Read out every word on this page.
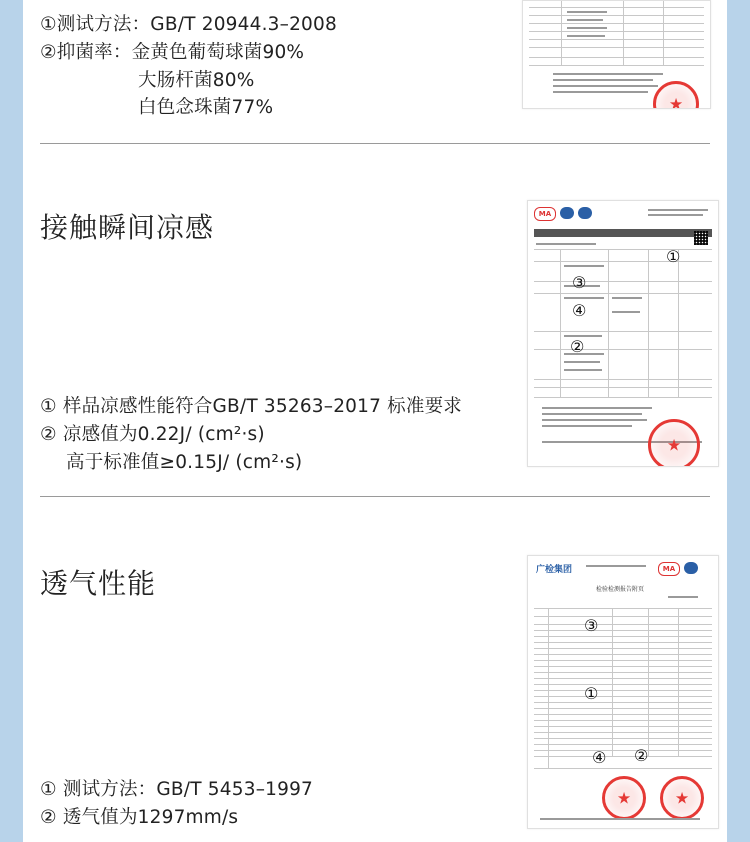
①测试方法：GB/T 20944.3–2008
②抑菌率：金黄色葡萄球菌90%
大肠杆菌80%
白色念珠菌77%
★
接触瞬间凉感
① 样品凉感性能符合GB/T 35263–2017 标准要求
② 凉感值为0.22J/ (cm²·s)
高于标准值≥0.15J/ (cm²·s)
MA
①
③
④
②
★
透气性能
① 测试方法：GB/T 5453–1997
② 透气值为1297mm/s
广检集团	MA
检验检测报告附页
③
①
④ ②
★
★
